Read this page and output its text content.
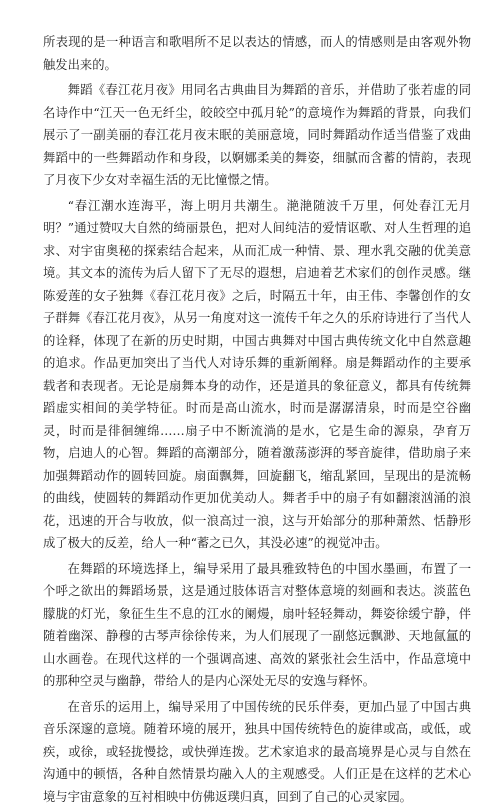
所表现的是一种语言和歌唱所不足以表达的情感，而人的情感则是由客观外物触发出来的。

舞蹈《春江花月夜》用同名古典曲目为舞蹈的音乐，并借助了张若虚的同名诗作中“江天一色无纤尘，皎皎空中孤月轮”的意境作为舞蹈的背景，向我们展示了一副美丽的春江花月夜末眠的美丽意境，同时舞蹈动作适当借鉴了戏曲舞蹈中的一些舞蹈动作和身段，以婀娜柔美的舞姿，细腻而含蓄的情韵，表现了月夜下少女对幸福生活的无比憧憬之情。

“春江潮水连海平，海上明月共潮生。滟滟随波千万里，何处春江无月明？”通过赞叹大自然的绮丽景色，把对人间纯洁的爱情讴歌、对人生哲理的追求、对宇宙奥秘的探索结合起来，从而汇成一种情、景、理水乳交融的优美意境。其文本的流传为后人留下了无尽的遐想，启迪着艺术家们的创作灵感。继陈爱莲的女子独舞《春江花月夜》之后，时隔五十年，由王伟、李馨创作的女子群舞《春江花月夜》，从另一角度对这一流传千年之久的乐府诗进行了当代人的诠释，体现了在新的历史时期，中国古典舞对中国古典传统文化中自然意趣的追求。作品更加突出了当代人对诗乐舞的重新阐释。扇是舞蹈动作的主要承载者和表现者。无论是扇舞本身的动作，还是道具的象征意义，都具有传统舞蹈虚实相间的美学特征。时而是高山流水，时而是潺潺清泉，时而是空谷幽灵，时而是徘徊缠绵……扇子中不断流淌的是水，它是生命的源泉，孕育万物，启迪人的心智。舞蹈的高潮部分，随着激荡澎湃的琴音旋律，借助扇子来加强舞蹈动作的圆转回旋。扇面飘舞，回旋翻飞，缩乱紧回，呈现出的是流畅的曲线，使圆转的舞蹈动作更加优美动人。舞者手中的扇子有如翻滚汹涌的浪花，迅速的开合与收放，似一浪高过一浪，这与开始部分的那种萧然、恬静形成了极大的反差，给人一种“蓄之已久，其没必速”的视觉冲击。

在舞蹈的环境选择上，编导采用了最具雅致特色的中国水墨画，布置了一个呼之欲出的舞蹈场景，这是通过肢体语言对整体意境的刻画和表达。淡蓝色朦胧的灯光，象征生生不息的江水的阑熳，扇叶轻轻舞动，舞姿徐缓宁静，伴随着幽深、静穆的古琴声徐徐传来，为人们展现了一副悠远飘渺、天地氤氲的山水画卷。在现代这样的一个强调高速、高效的紧张社会生活中，作品意境中的那种空灵与幽静，带给人的是内心深处无尽的安逸与释怀。

在音乐的运用上，编导采用了中国传统的民乐伴奏，更加凸显了中国古典音乐深邃的意境。随着环境的展开，独具中国传统特色的旋律或高，或低，或疾，或徐，或轻拢慢捻，或快弹连拨。艺术家追求的最高境界是心灵与自然在沟通中的顿悟，各种自然情景均融入人的主观感受。人们正是在这样的艺术心境与宇宙意象的互衬相映中仿佛返璞归真，回到了自己的心灵家园。
